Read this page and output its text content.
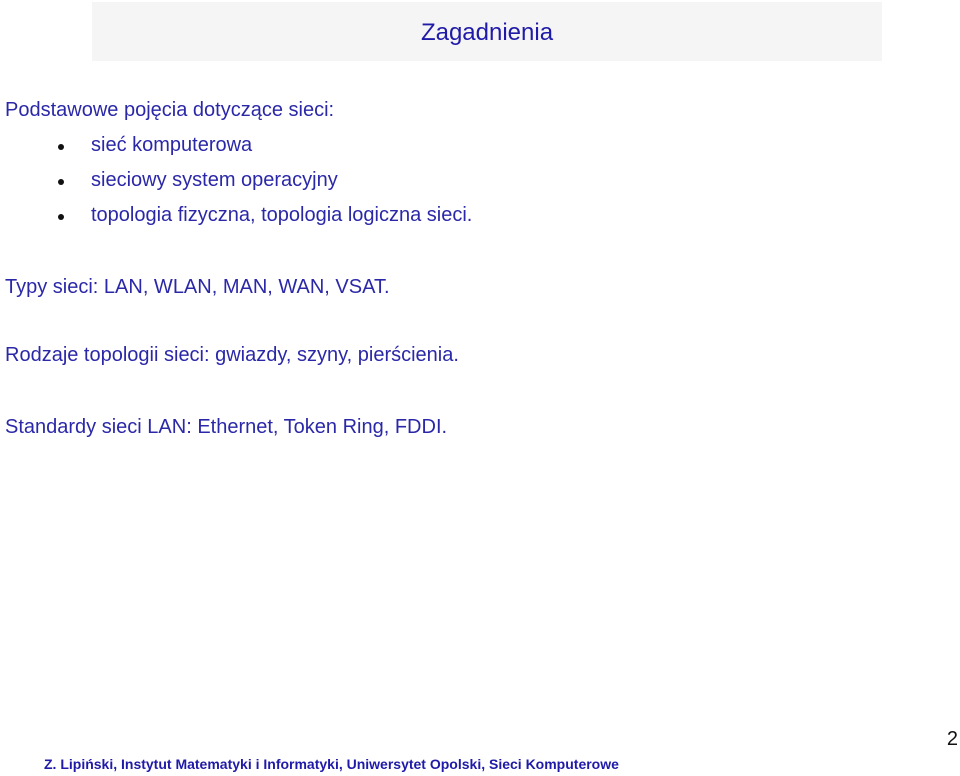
Zagadnienia
Podstawowe pojęcia dotyczące sieci:
sieć komputerowa
sieciowy system operacyjny
topologia fizyczna, topologia logiczna sieci.
Typy sieci: LAN, WLAN, MAN, WAN, VSAT.
Rodzaje topologii sieci: gwiazdy, szyny, pierścienia.
Standardy sieci LAN: Ethernet, Token Ring, FDDI.
2
Z. Lipiński, Instytut Matematyki i Informatyki, Uniwersytet Opolski, Sieci Komputerowe
